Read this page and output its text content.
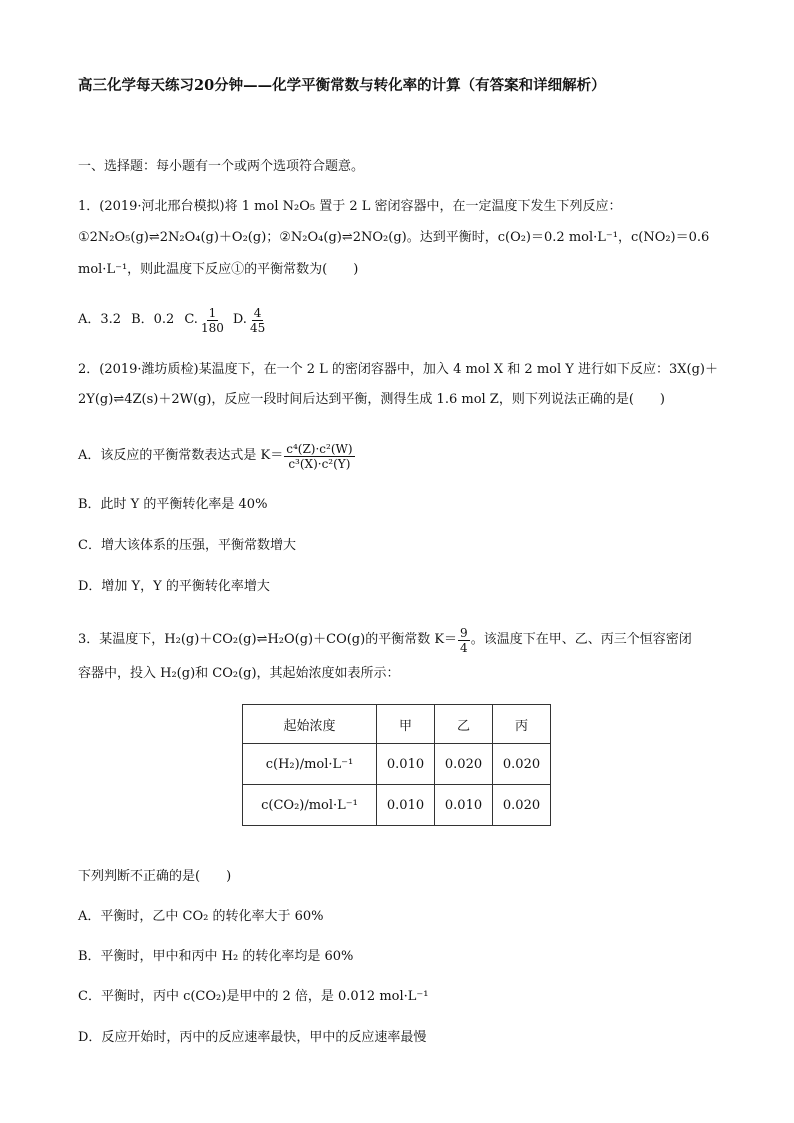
高三化学每天练习20分钟——化学平衡常数与转化率的计算（有答案和详细解析）
一、选择题：每小题有一个或两个选项符合题意。
1．(2019·河北邢台模拟)将 1 mol N₂O₅ 置于 2 L 密闭容器中，在一定温度下发生下列反应：
①2N₂O₅(g)⇌2N₂O₄(g)＋O₂(g)；②N₂O₄(g)⇌2NO₂(g)。达到平衡时，c(O₂)＝0.2 mol·L⁻¹，c(NO₂)＝0.6
mol·L⁻¹，则此温度下反应①的平衡常数为(　　)
A．3.2 B．0.2 C. $\frac{1}{180} D$. $\frac{4}{45}$
2．(2019·潍坊质检)某温度下，在一个 2 L 的密闭容器中，加入 4 mol X 和 2 mol Y 进行如下反应：3X(g)＋
2Y(g)⇌4Z(s)＋2W(g)，反应一段时间后达到平衡，测得生成 1.6 mol Z，则下列说法正确的是(　　)
A．该反应的平衡常数表达式是 $K= \frac{\text{c⁴(Z)·c²(W)}}{\text{c³(X)·c²(Y)}}$
B．此时 Y 的平衡转化率是 40%
C．增大该体系的压强，平衡常数增大
D．增加 Y，Y 的平衡转化率增大
3．某温度下，H₂(g)＋CO₂(g)⇌H₂O(g)＋CO(g)的平衡常数 $K= \frac{9}{4}$ 。该温度下在甲、乙、丙三个恒容密闭
容器中，投入 H₂(g)和 CO₂(g)，其起始浓度如表所示：
起始浓度	甲	乙	丙
c(H₂)/mol·L⁻¹	0.010	0.020	0.020
c(CO₂)/mol·L⁻¹	0.010	0.010	0.020
下列判断不正确的是(　　)
A．平衡时，乙中 CO₂ 的转化率大于 60%
B．平衡时，甲中和丙中 H₂ 的转化率均是 60%
C．平衡时，丙中 c(CO₂)是甲中的 2 倍，是 0.012 mol·L⁻¹
D．反应开始时，丙中的反应速率最快，甲中的反应速率最慢
